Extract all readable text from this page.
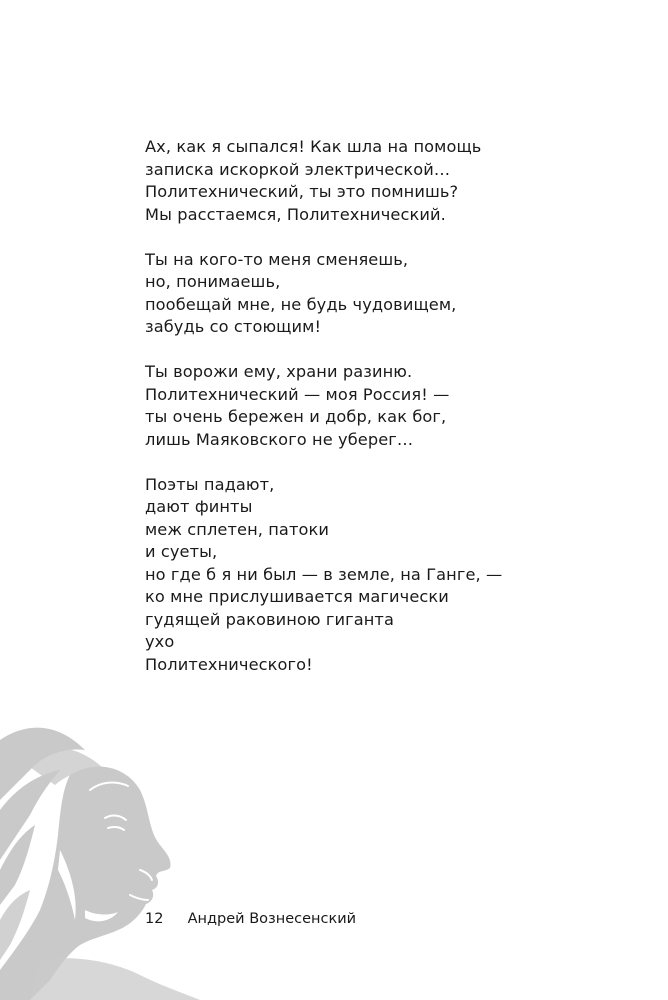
Ах, как я сыпался! Как шла на помощь
записка искоркой электрической…
Политехнический, ты это помнишь?
Мы расстаемся, Политехнический.
Ты на кого-то меня сменяешь,
но, понимаешь,
пообещай мне, не будь чудовищем,
забудь со стоющим!
Ты ворожи ему, храни разиню.
Политехнический — моя Россия! —
ты очень бережен и добр, как бог,
лишь Маяковского не уберег…
Поэты падают,
дают финты
меж сплетен, патоки
и суеты,
но где б я ни был — в земле, на Ганге, —
ко мне прислушивается магически
гудящей раковиною гиганта
ухо
Политехнического!
12 Андрей Вознесенский
